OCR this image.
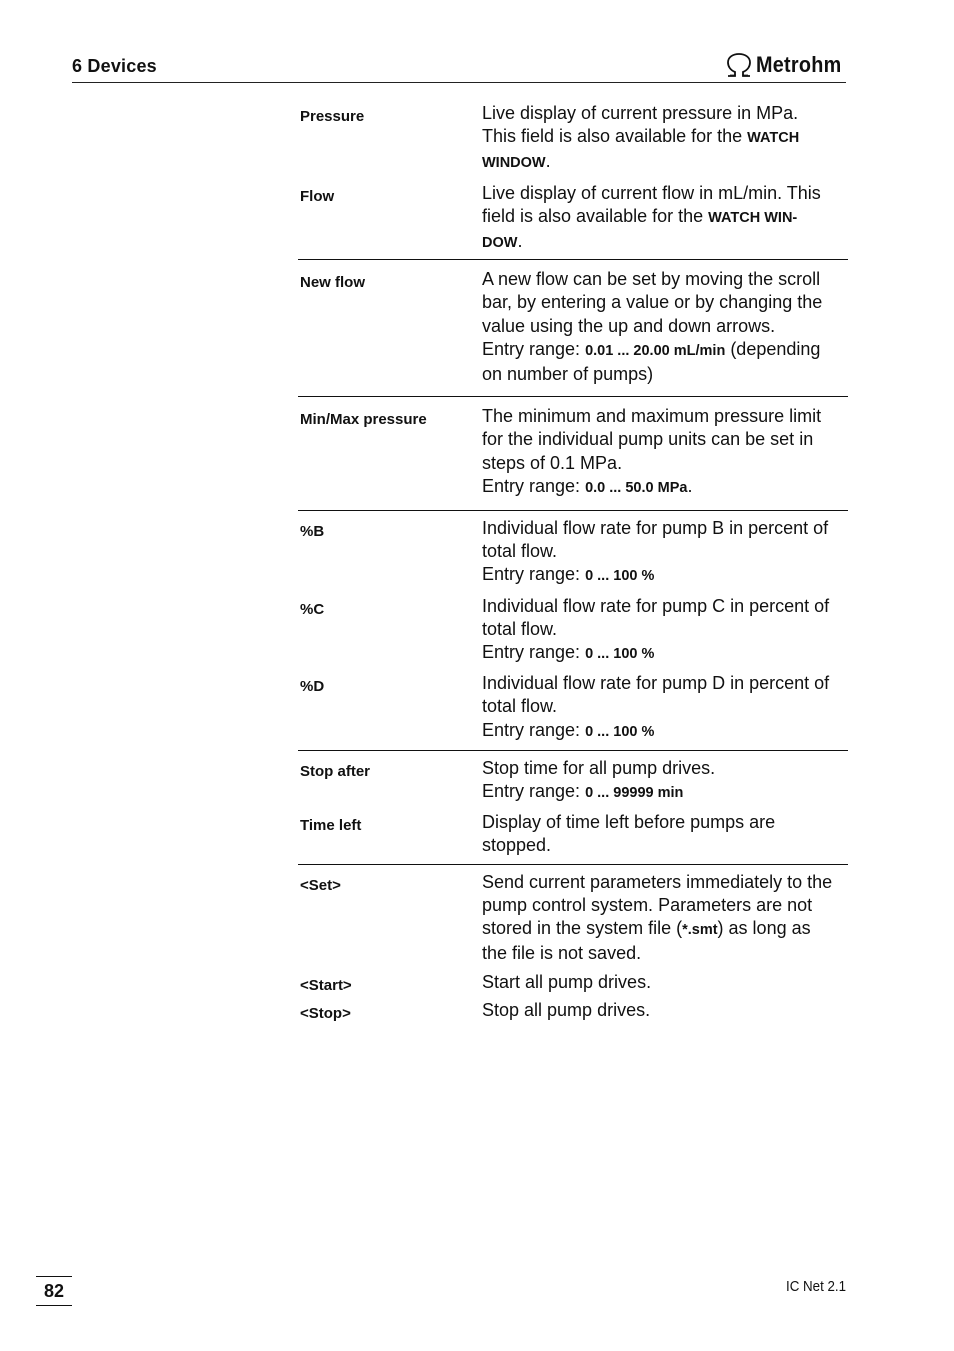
6 Devices	Metrohm
Pressure	Live display of current pressure in MPa.
This field is also available for the WATCH
WINDOW.
Flow	Live display of current flow in mL/min. This
field is also available for the WATCH WIN-
DOW.
New flow	A new flow can be set by moving the scroll
bar, by entering a value or by changing the
value using the up and down arrows.
Entry range: 0.01 ... 20.00 mL/min (depending
on number of pumps)
Min/Max pressure	The minimum and maximum pressure limit
for the individual pump units can be set in
steps of 0.1 MPa.
Entry range: 0.0 ... 50.0 MPa.
%B	Individual flow rate for pump B in percent of
total flow.
Entry range: 0 ... 100 %
%C	Individual flow rate for pump C in percent of
total flow.
Entry range: 0 ... 100 %
%D	Individual flow rate for pump D in percent of
total flow.
Entry range: 0 ... 100 %
Stop after	Stop time for all pump drives.
Entry range: 0 ... 99999 min
Time left	Display of time left before pumps are
stopped.
<Set>	Send current parameters immediately to the
pump control system. Parameters are not
stored in the system file (*.smt) as long as
the file is not saved.
<Start>	Start all pump drives.
<Stop>	Stop all pump drives.
82	IC Net 2.1
